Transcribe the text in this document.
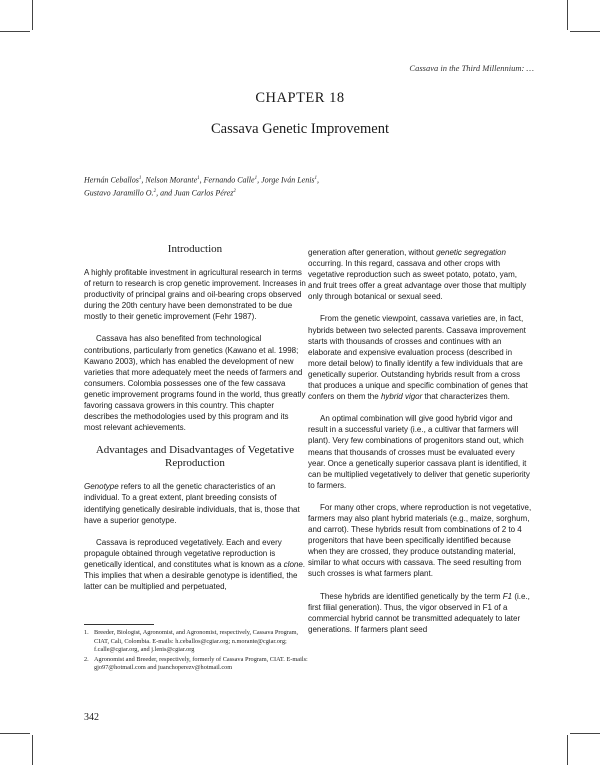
Cassava in the Third Millennium: …
CHAPTER 18
Cassava Genetic Improvement
Hernán Ceballos$^1$, Nelson Morante$^1$, Fernando Calle$^1$, Jorge Iván Lenis$^1$,
Gustavo Jaramillo O.$^2$, and Juan Carlos Pérez$^2$
Introduction

A highly profitable investment in agricultural research in terms of return to research is crop genetic improvement. Increases in productivity of principal grains and oil-bearing crops observed during the 20th century have been demonstrated to be due mostly to their genetic improvement (Fehr 1987).

Cassava has also benefited from technological contributions, particularly from genetics (Kawano et al. 1998; Kawano 2003), which has enabled the development of new varieties that more adequately meet the needs of farmers and consumers. Colombia possesses one of the few cassava genetic improvement programs found in the world, thus greatly favoring cassava growers in this country. This chapter describes the methodologies used by this program and its most relevant achievements.

Advantages and Disadvantages of Vegetative Reproduction

Genotype refers to all the genetic characteristics of an individual. To a great extent, plant breeding consists of identifying genetically desirable individuals, that is, those that have a superior genotype.

Cassava is reproduced vegetatively. Each and every propagule obtained through vegetative reproduction is genetically identical, and constitutes what is known as a clone. This implies that when a desirable genotype is identified, the latter can be multiplied and perpetuated,

generation after generation, without genetic segregation occurring. In this regard, cassava and other crops with vegetative reproduction such as sweet potato, potato, yam, and fruit trees offer a great advantage over those that multiply only through botanical or sexual seed.

From the genetic viewpoint, cassava varieties are, in fact, hybrids between two selected parents. Cassava improvement starts with thousands of crosses and continues with an elaborate and expensive evaluation process (described in more detail below) to finally identify a few individuals that are genetically superior. Outstanding hybrids result from a cross that produces a unique and specific combination of genes that confers on them the hybrid vigor that characterizes them.

An optimal combination will give good hybrid vigor and result in a successful variety (i.e., a cultivar that farmers will plant). Very few combinations of progenitors stand out, which means that thousands of crosses must be evaluated every year. Once a genetically superior cassava plant is identified, it can be multiplied vegetatively to deliver that genetic superiority to farmers.

For many other crops, where reproduction is not vegetative, farmers may also plant hybrid materials (e.g., maize, sorghum, and carrot). These hybrids result from combinations of 2 to 4 progenitors that have been specifically identified because when they are crossed, they produce outstanding material, similar to what occurs with cassava. The seed resulting from such crosses is what farmers plant.

These hybrids are identified genetically by the term F1 (i.e., first filial generation). Thus, the vigor observed in F1 of a commercial hybrid cannot be transmitted adequately to later generations. If farmers plant seed

1. Breeder, Biologist, Agronomist, and Agronomist, respectively, Cassava Program, CIAT, Cali, Colombia. E-mails: h.ceballos@cgiar.org; n.morante@cgiar.org; f.calle@cgiar.org, and j.lenis@cgiar.org
2. Agronomist and Breeder, respectively, formerly of Cassava Program, CIAT. E-mails: gjo97@hotmail.com and juanchoperezv@hotmail.com
342
